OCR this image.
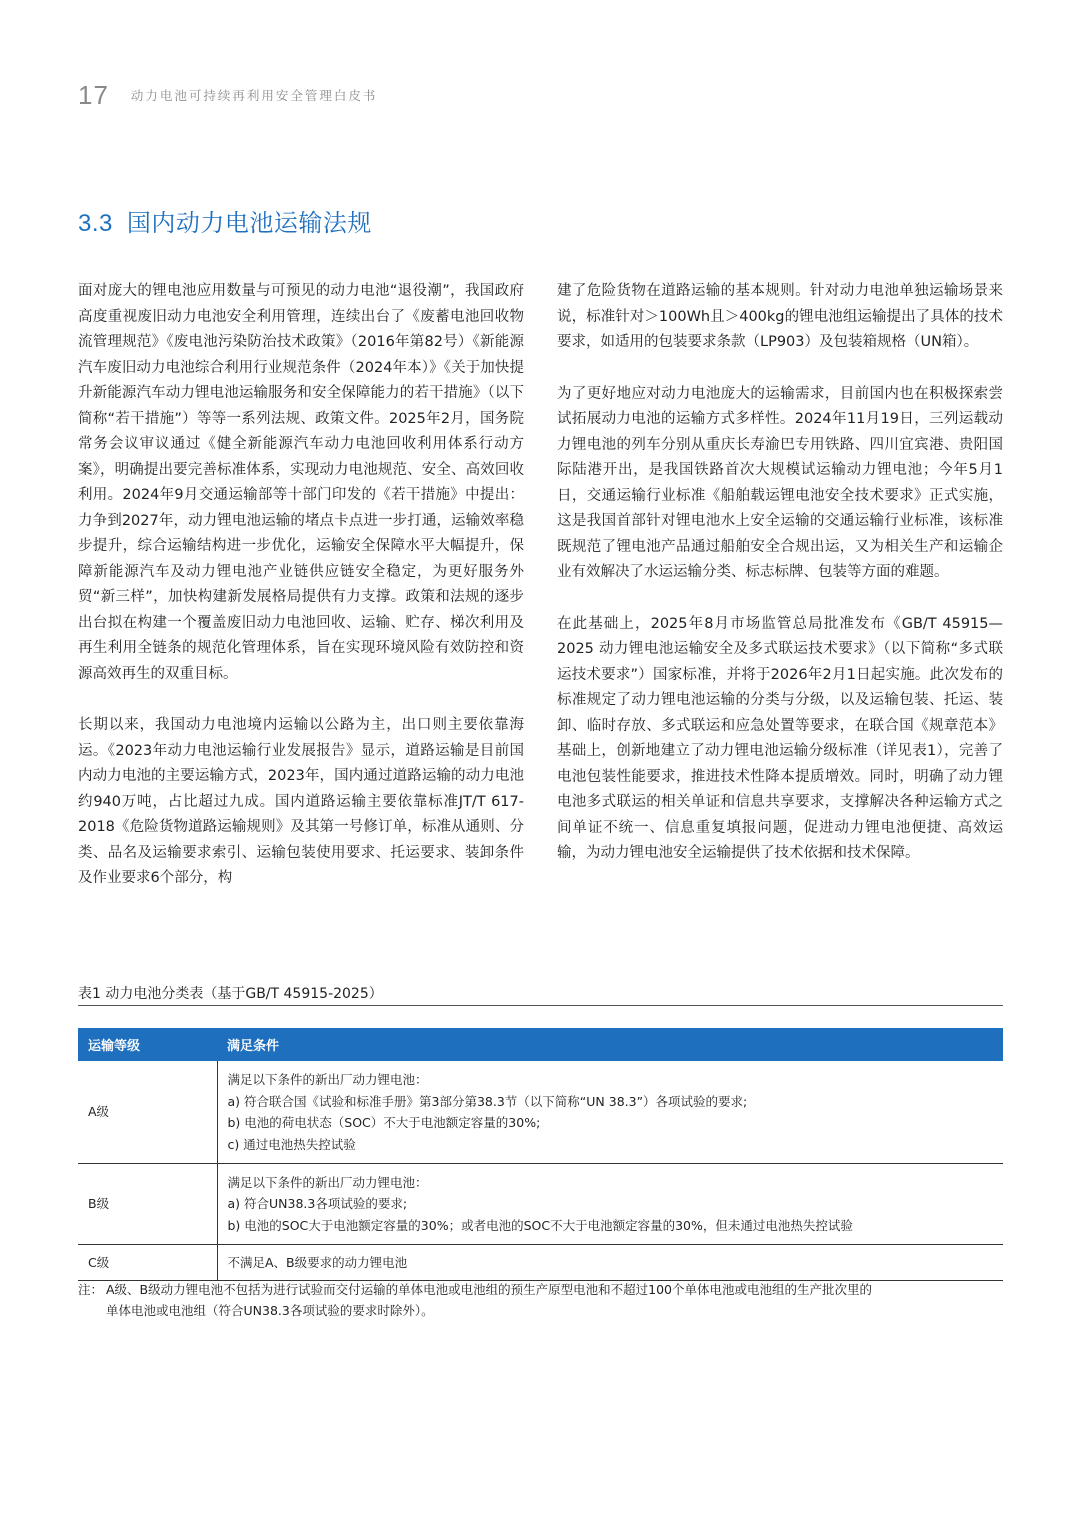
17 动力电池可持续再利用安全管理白皮书
3.3 国内动力电池运输法规

面对庞大的锂电池应用数量与可预见的动力电池“退役潮”，我国政府高度重视废旧动力电池安全利用管理，连续出台了《废蓄电池回收物流管理规范》《废电池污染防治技术政策》（2016年第82号）《新能源汽车废旧动力电池综合利用行业规范条件（2024年本）》《关于加快提升新能源汽车动力锂电池运输服务和安全保障能力的若干措施》（以下简称“若干措施”）等等一系列法规、政策文件。2025年2月，国务院常务会议审议通过《健全新能源汽车动力电池回收利用体系行动方案》，明确提出要完善标准体系，实现动力电池规范、安全、高效回收利用。2024年9月交通运输部等十部门印发的《若干措施》中提出：力争到2027年，动力锂电池运输的堵点卡点进一步打通，运输效率稳步提升，综合运输结构进一步优化，运输安全保障水平大幅提升，保障新能源汽车及动力锂电池产业链供应链安全稳定，为更好服务外贸“新三样”，加快构建新发展格局提供有力支撑。政策和法规的逐步出台拟在构建一个覆盖废旧动力电池回收、运输、贮存、梯次利用及再生利用全链条的规范化管理体系，旨在实现环境风险有效防控和资源高效再生的双重目标。

长期以来，我国动力电池境内运输以公路为主，出口则主要依靠海运。《2023年动力电池运输行业发展报告》显示，道路运输是目前国内动力电池的主要运输方式，2023年，国内通过道路运输的动力电池约940万吨，占比超过九成。国内道路运输主要依靠标准JT/T 617-2018《危险货物道路运输规则》及其第一号修订单，标准从通则、分类、品名及运输要求索引、运输包装使用要求、托运要求、装卸条件及作业要求6个部分，构

建了危险货物在道路运输的基本规则。针对动力电池单独运输场景来说，标准针对＞100Wh且＞400kg的锂电池组运输提出了具体的技术要求，如适用的包装要求条款（LP903）及包装箱规格（UN箱）。

为了更好地应对动力电池庞大的运输需求，目前国内也在积极探索尝试拓展动力电池的运输方式多样性。2024年11月19日，三列运载动力锂电池的列车分别从重庆长寿渝巴专用铁路、四川宜宾港、贵阳国际陆港开出，是我国铁路首次大规模试运输动力锂电池；今年5月1日，交通运输行业标准《船舶载运锂电池安全技术要求》正式实施，这是我国首部针对锂电池水上安全运输的交通运输行业标准，该标准既规范了锂电池产品通过船舶安全合规出运，又为相关生产和运输企业有效解决了水运运输分类、标志标牌、包装等方面的难题。

在此基础上，2025年8月市场监管总局批准发布《GB/T 45915—2025 动力锂电池运输安全及多式联运技术要求》（以下简称“多式联运技术要求”）国家标准，并将于2026年2月1日起实施。此次发布的标准规定了动力锂电池运输的分类与分级，以及运输包装、托运、装卸、临时存放、多式联运和应急处置等要求，在联合国《规章范本》基础上，创新地建立了动力锂电池运输分级标准（详见表1），完善了电池包装性能要求，推进技术性降本提质增效。同时，明确了动力锂电池多式联运的相关单证和信息共享要求，支撑解决各种运输方式之间单证不统一、信息重复填报问题，促进动力锂电池便捷、高效运输，为动力锂电池安全运输提供了技术依据和技术保障。

表1 动力电池分类表（基于GB/T 45915-2025）

运输等级	满足条件
A级	满足以下条件的新出厂动力锂电池：
a) 符合联合国《试验和标准手册》第3部分第38.3节（以下简称“UN 38.3”）各项试验的要求;
b) 电池的荷电状态（SOC）不大于电池额定容量的30%;
c) 通过电池热失控试验

B级	满足以下条件的新出厂动力锂电池：
a) 符合UN38.3各项试验的要求;
b) 电池的SOC大于电池额定容量的30%；或者电池的SOC不大于电池额定容量的30%，但未通过电池热失控试验

C级	不满足A、B级要求的动力锂电池

注： A级、B级动力锂电池不包括为进行试验而交付运输的单体电池或电池组的预生产原型电池和不超过100个单体电池或电池组的生产批次里的
单体电池或电池组（符合UN38.3各项试验的要求时除外）。
